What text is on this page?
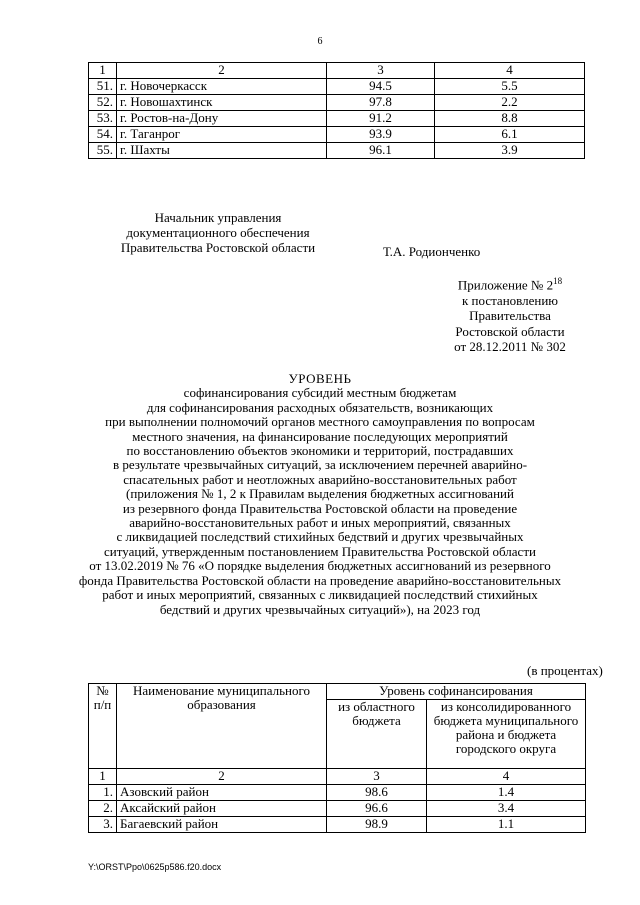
6
1	2	3	4
51.	г. Новочеркасск	94.5	5.5
52.	г. Новошахтинск	97.8	2.2
53.	г. Ростов-на-Дону	91.2	8.8
54.	г. Таганрог	93.9	6.1
55.	г. Шахты	96.1	3.9
Начальник управления
документационного обеспечения
Правительства Ростовской области	Т.А. Родионченко
Приложение № $2^{18}$
к постановлению
Правительства
Ростовской области
от 28.12.2011 № 302
УРОВЕНЬ
софинансирования субсидий местным бюджетам
для софинансирования расходных обязательств, возникающих
при выполнении полномочий органов местного самоуправления по вопросам
местного значения, на финансирование последующих мероприятий
по восстановлению объектов экономики и территорий, пострадавших
в результате чрезвычайных ситуаций, за исключением перечней аварийно-
спасательных работ и неотложных аварийно-восстановительных работ
(приложения № 1, 2 к Правилам выделения бюджетных ассигнований
из резервного фонда Правительства Ростовской области на проведение
аварийно-восстановительных работ и иных мероприятий, связанных
с ликвидацией последствий стихийных бедствий и других чрезвычайных
ситуаций, утвержденным постановлением Правительства Ростовской области
от 13.02.2019 № 76 «О порядке выделения бюджетных ассигнований из резервного
фонда Правительства Ростовской области на проведение аварийно-восстановительных
работ и иных мероприятий, связанных с ликвидацией последствий стихийных
бедствий и других чрезвычайных ситуаций»), на 2023 год
(в процентах)
№ п/п	Наименование муниципального образования	Уровень софинансирования	
		из областного бюджета	из консолидированного бюджета муниципального района и бюджета городского округа
1	2	3	4
1.	Азовский район	98.6	1.4
2.	Аксайский район	96.6	3.4
3.	Багаевский район	98.9	1.1
Y:\ORST\Ppo\0625p586.f20.docx
